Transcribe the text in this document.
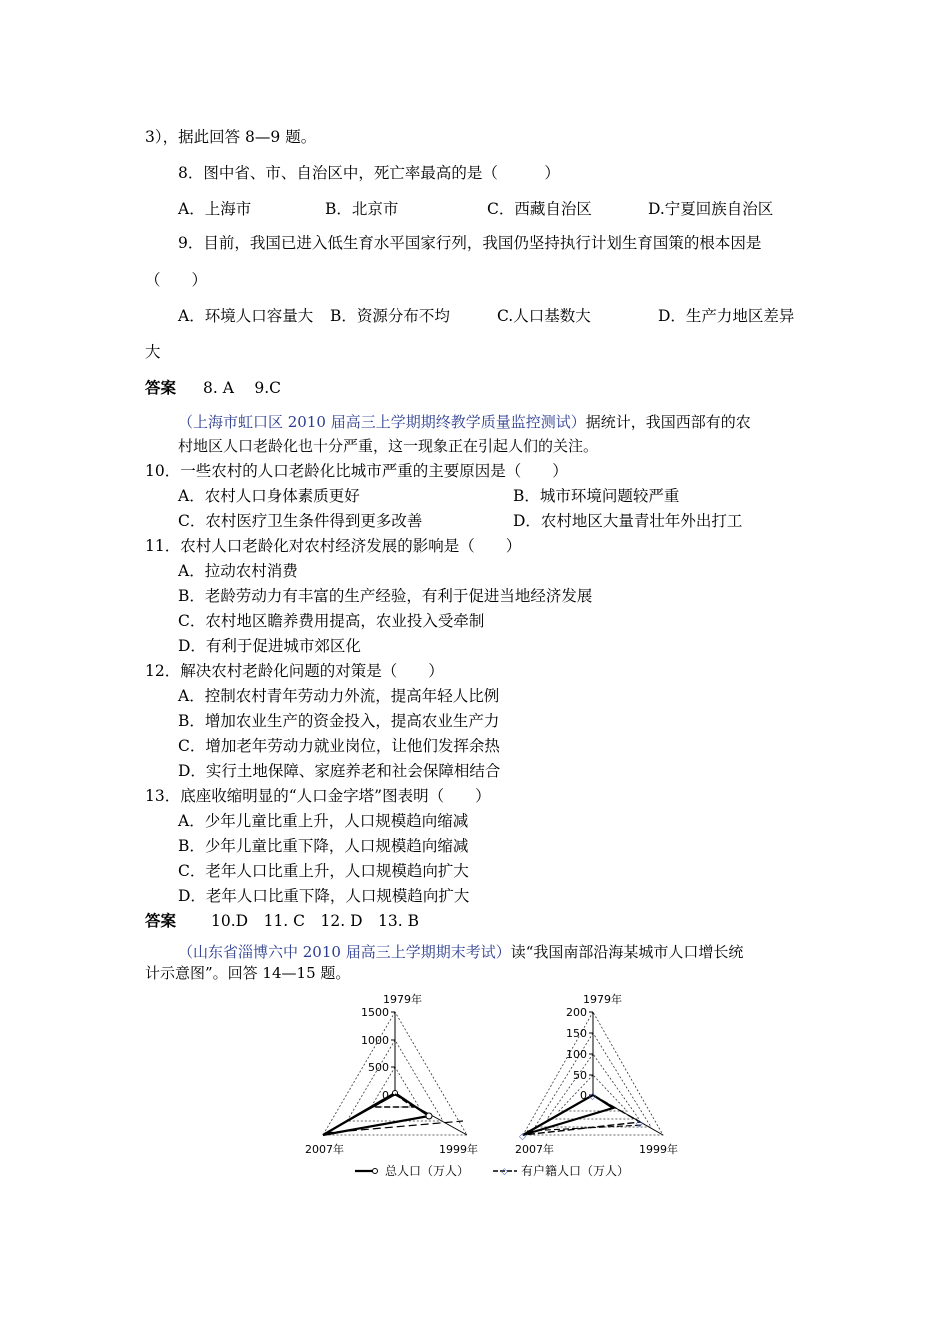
3），据此回答 8—9 题。
8．图中省、市、自治区中，死亡率最高的是（　　　）
A．上海市	B．北京市	C．西藏自治区	D.宁夏回族自治区
9．目前，我国已进入低生育水平国家行列，我国仍坚持执行计划生育国策的根本因是
（　　）
A．环境人口容量大 B．资源分布不均	C.人口基数大	D．生产力地区差异
大
答案 8. A　 9.C
（上海市虹口区 2010 届高三上学期期终教学质量监控测试）据统计，我国西部有的农
村地区人口老龄化也十分严重，这一现象正在引起人们的关注。
10．一些农村的人口老龄化比城市严重的主要原因是（　　）
A．农村人口身体素质更好	B．城市环境问题较严重
C．农村医疗卫生条件得到更多改善	D．农村地区大量青壮年外出打工
11．农村人口老龄化对农村经济发展的影响是（　　）
A．拉动农村消费
B．老龄劳动力有丰富的生产经验，有利于促进当地经济发展
C．农村地区瞻养费用提高，农业投入受牵制
D．有利于促进城市郊区化
12．解决农村老龄化问题的对策是（　　）
A．控制农村青年劳动力外流，提高年轻人比例
B．增加农业生产的资金投入，提高农业生产力
C．增加老年劳动力就业岗位，让他们发挥余热
D．实行土地保障、家庭养老和社会保障相结合
13．底座收缩明显的“人口金字塔”图表明（　　）
A．少年儿童比重上升，人口规模趋向缩减
B．少年儿童比重下降，人口规模趋向缩减
C．老年人口比重上升，人口规模趋向扩大
D．老年人口比重下降，人口规模趋向扩大
答案 10.D　11. C　12. D　13. B
（山东省淄博六中 2010 届高三上学期期末考试）读“我国南部沿海某城市人口增长统
计示意图”。回答 14—15 题。
1500
1000
500
0
1979年
2007年	1999年
200
150
100
50
0
1979年
2007年	1999年
◇
◇
◇
总人口（万人）	◇ 有户籍人口（万人）
